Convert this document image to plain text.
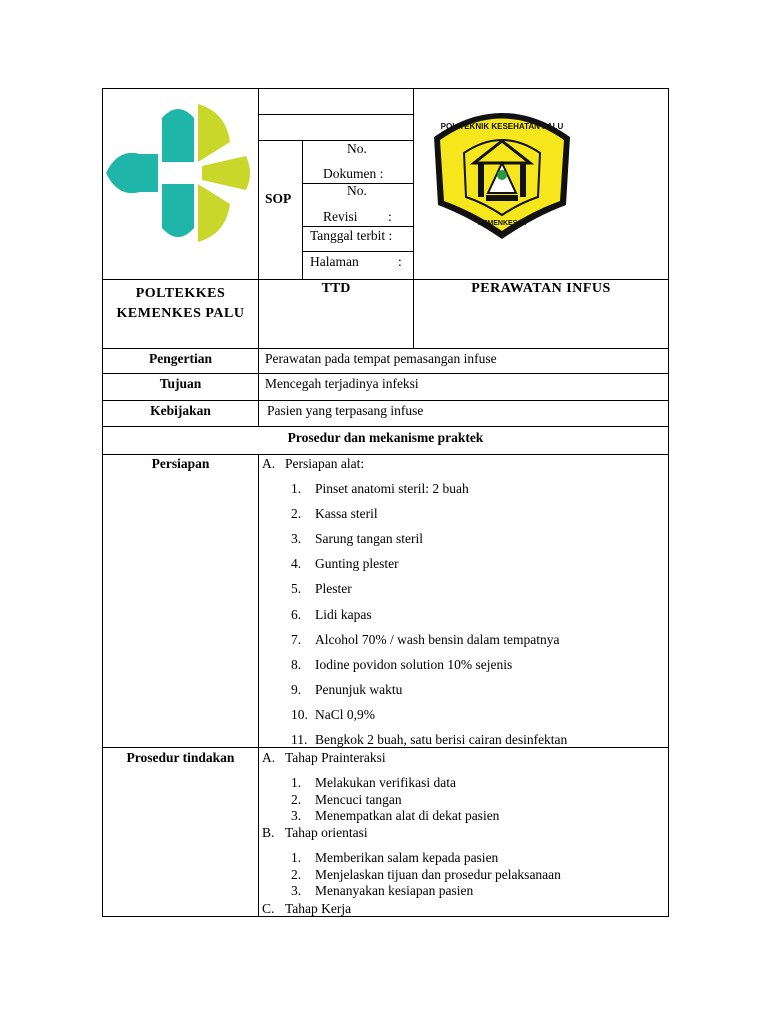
POLITEKNIK KESEHATAN PALU
KEMENKES RI
SOP
No.
Dokumen :
No.
Revisi :
Tanggal terbit :
Halaman	:
POLTEKKES
KEMENKES PALU
TTD	PERAWATAN INFUS
Pengertian	Perawatan pada tempat pemasangan infuse
Tujuan	Mencegah terjadinya infeksi
Kebijakan	Pasien yang terpasang infuse
Prosedur dan mekanisme praktek
Persiapan	A. Persiapan alat:
1. Pinset anatomi steril: 2 buah
2. Kassa steril
3. Sarung tangan steril
4. Gunting plester
5. Plester
6. Lidi kapas
7. Alcohol 70% / wash bensin dalam tempatnya
8. Iodine povidon solution 10% sejenis
9. Penunjuk waktu
10. NaCl 0,9%
11. Bengkok 2 buah, satu berisi cairan desinfektan
Prosedur tindakan	A. Tahap Prainteraksi
1. Melakukan verifikasi data
2. Mencuci tangan
3. Menempatkan alat di dekat pasien
B. Tahap orientasi
1. Memberikan salam kepada pasien
2. Menjelaskan tijuan dan prosedur pelaksanaan
3. Menanyakan kesiapan pasien
C. Tahap Kerja
